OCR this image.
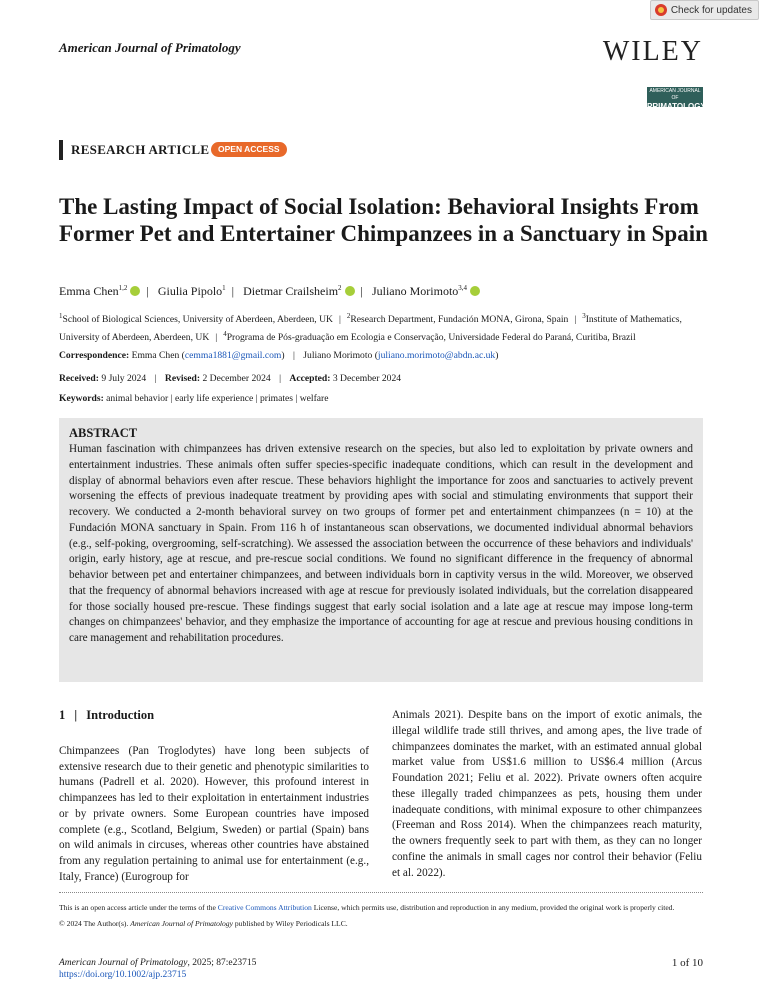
Check for updates
American Journal of Primatology	WILEY
AMERICAN JOURNAL OF
PRIMATOLOGY
RESEARCH ARTICLE	OPEN ACCESS
The Lasting Impact of Social Isolation: Behavioral Insights From Former Pet and Entertainer Chimpanzees in a Sanctuary in Spain
Emma Chen$^{1,2}$ | Giulia Pipolo$^1$ | Dietmar Crailsheim$^2$ | Juliano Morimoto$^{3,4}$
$^1$School of Biological Sciences, University of Aberdeen, Aberdeen, UK | $^2$Research Department, Fundación MONA, Girona, Spain | $^3$Institute of Mathematics, University of Aberdeen, Aberdeen, UK | $^4$Programa de Pós-graduação em Ecologia e Conservação, Universidade Federal do Paraná, Curitiba, Brazil
Correspondence: Emma Chen (cemma1881@gmail.com) | Juliano Morimoto (juliano.morimoto@abdn.ac.uk)
Received: 9 July 2024 | Revised: 2 December 2024 | Accepted: 3 December 2024
Keywords: animal behavior | early life experience | primates | welfare
ABSTRACT

Human fascination with chimpanzees has driven extensive research on the species, but also led to exploitation by private owners and entertainment industries. These animals often suffer species-specific inadequate conditions, which can result in the development and display of abnormal behaviors even after rescue. These behaviors highlight the importance for zoos and sanctuaries to actively prevent worsening the effects of previous inadequate treatment by providing apes with social and stimulating environments that support their recovery. We conducted a 2-month behavioral survey on two groups of former pet and entertainment chimpanzees (n = 10) at the Fundación MONA sanctuary in Spain. From 116 h of instantaneous scan observations, we documented individual abnormal behaviors (e.g., self-poking, overgrooming, self-scratching). We assessed the association between the occurrence of these behaviors and individuals' origin, early history, age at rescue, and pre-rescue social conditions. We found no significant difference in the frequency of abnormal behavior between pet and entertainer chimpanzees, and between individuals born in captivity versus in the wild. Moreover, we observed that the frequency of abnormal behaviors increased with age at rescue for previously isolated individuals, but the correlation disappeared for those socially housed pre-rescue. These findings suggest that early social isolation and a late age at rescue may impose long-term changes on chimpanzees' behavior, and they emphasize the importance of accounting for age at rescue and previous housing conditions in care management and rehabilitation procedures.

1 | Introduction

Chimpanzees (Pan Troglodytes) have long been subjects of extensive research due to their genetic and phenotypic similarities to humans (Padrell et al. 2020). However, this profound interest in chimpanzees has led to their exploitation in entertainment industries or by private owners. Some European countries have imposed complete (e.g., Scotland, Belgium, Sweden) or partial (Spain) bans on wild animals in circuses, whereas other countries have abstained from any regulation pertaining to animal use for entertainment (e.g., Italy, France) (Eurogroup for

Animals 2021). Despite bans on the import of exotic animals, the illegal wildlife trade still thrives, and among apes, the live trade of chimpanzees dominates the market, with an estimated annual global market value from US$1.6 million to US$6.4 million (Arcus Foundation 2021; Feliu et al. 2022). Private owners often acquire these illegally traded chimpanzees as pets, housing them under inadequate conditions, with minimal exposure to other chimpanzees (Freeman and Ross 2014). When the chimpanzees reach maturity, the owners frequently seek to part with them, as they can no longer confine the animals in small cages nor control their behavior (Feliu et al. 2022).

This is an open access article under the terms of the Creative Commons Attribution License, which permits use, distribution and reproduction in any medium, provided the original work is properly cited.
© 2024 The Author(s). American Journal of Primatology published by Wiley Periodicals LLC.
American Journal of Primatology, 2025; 87:e23715
https://doi.org/10.1002/ajp.23715
1 of 10
